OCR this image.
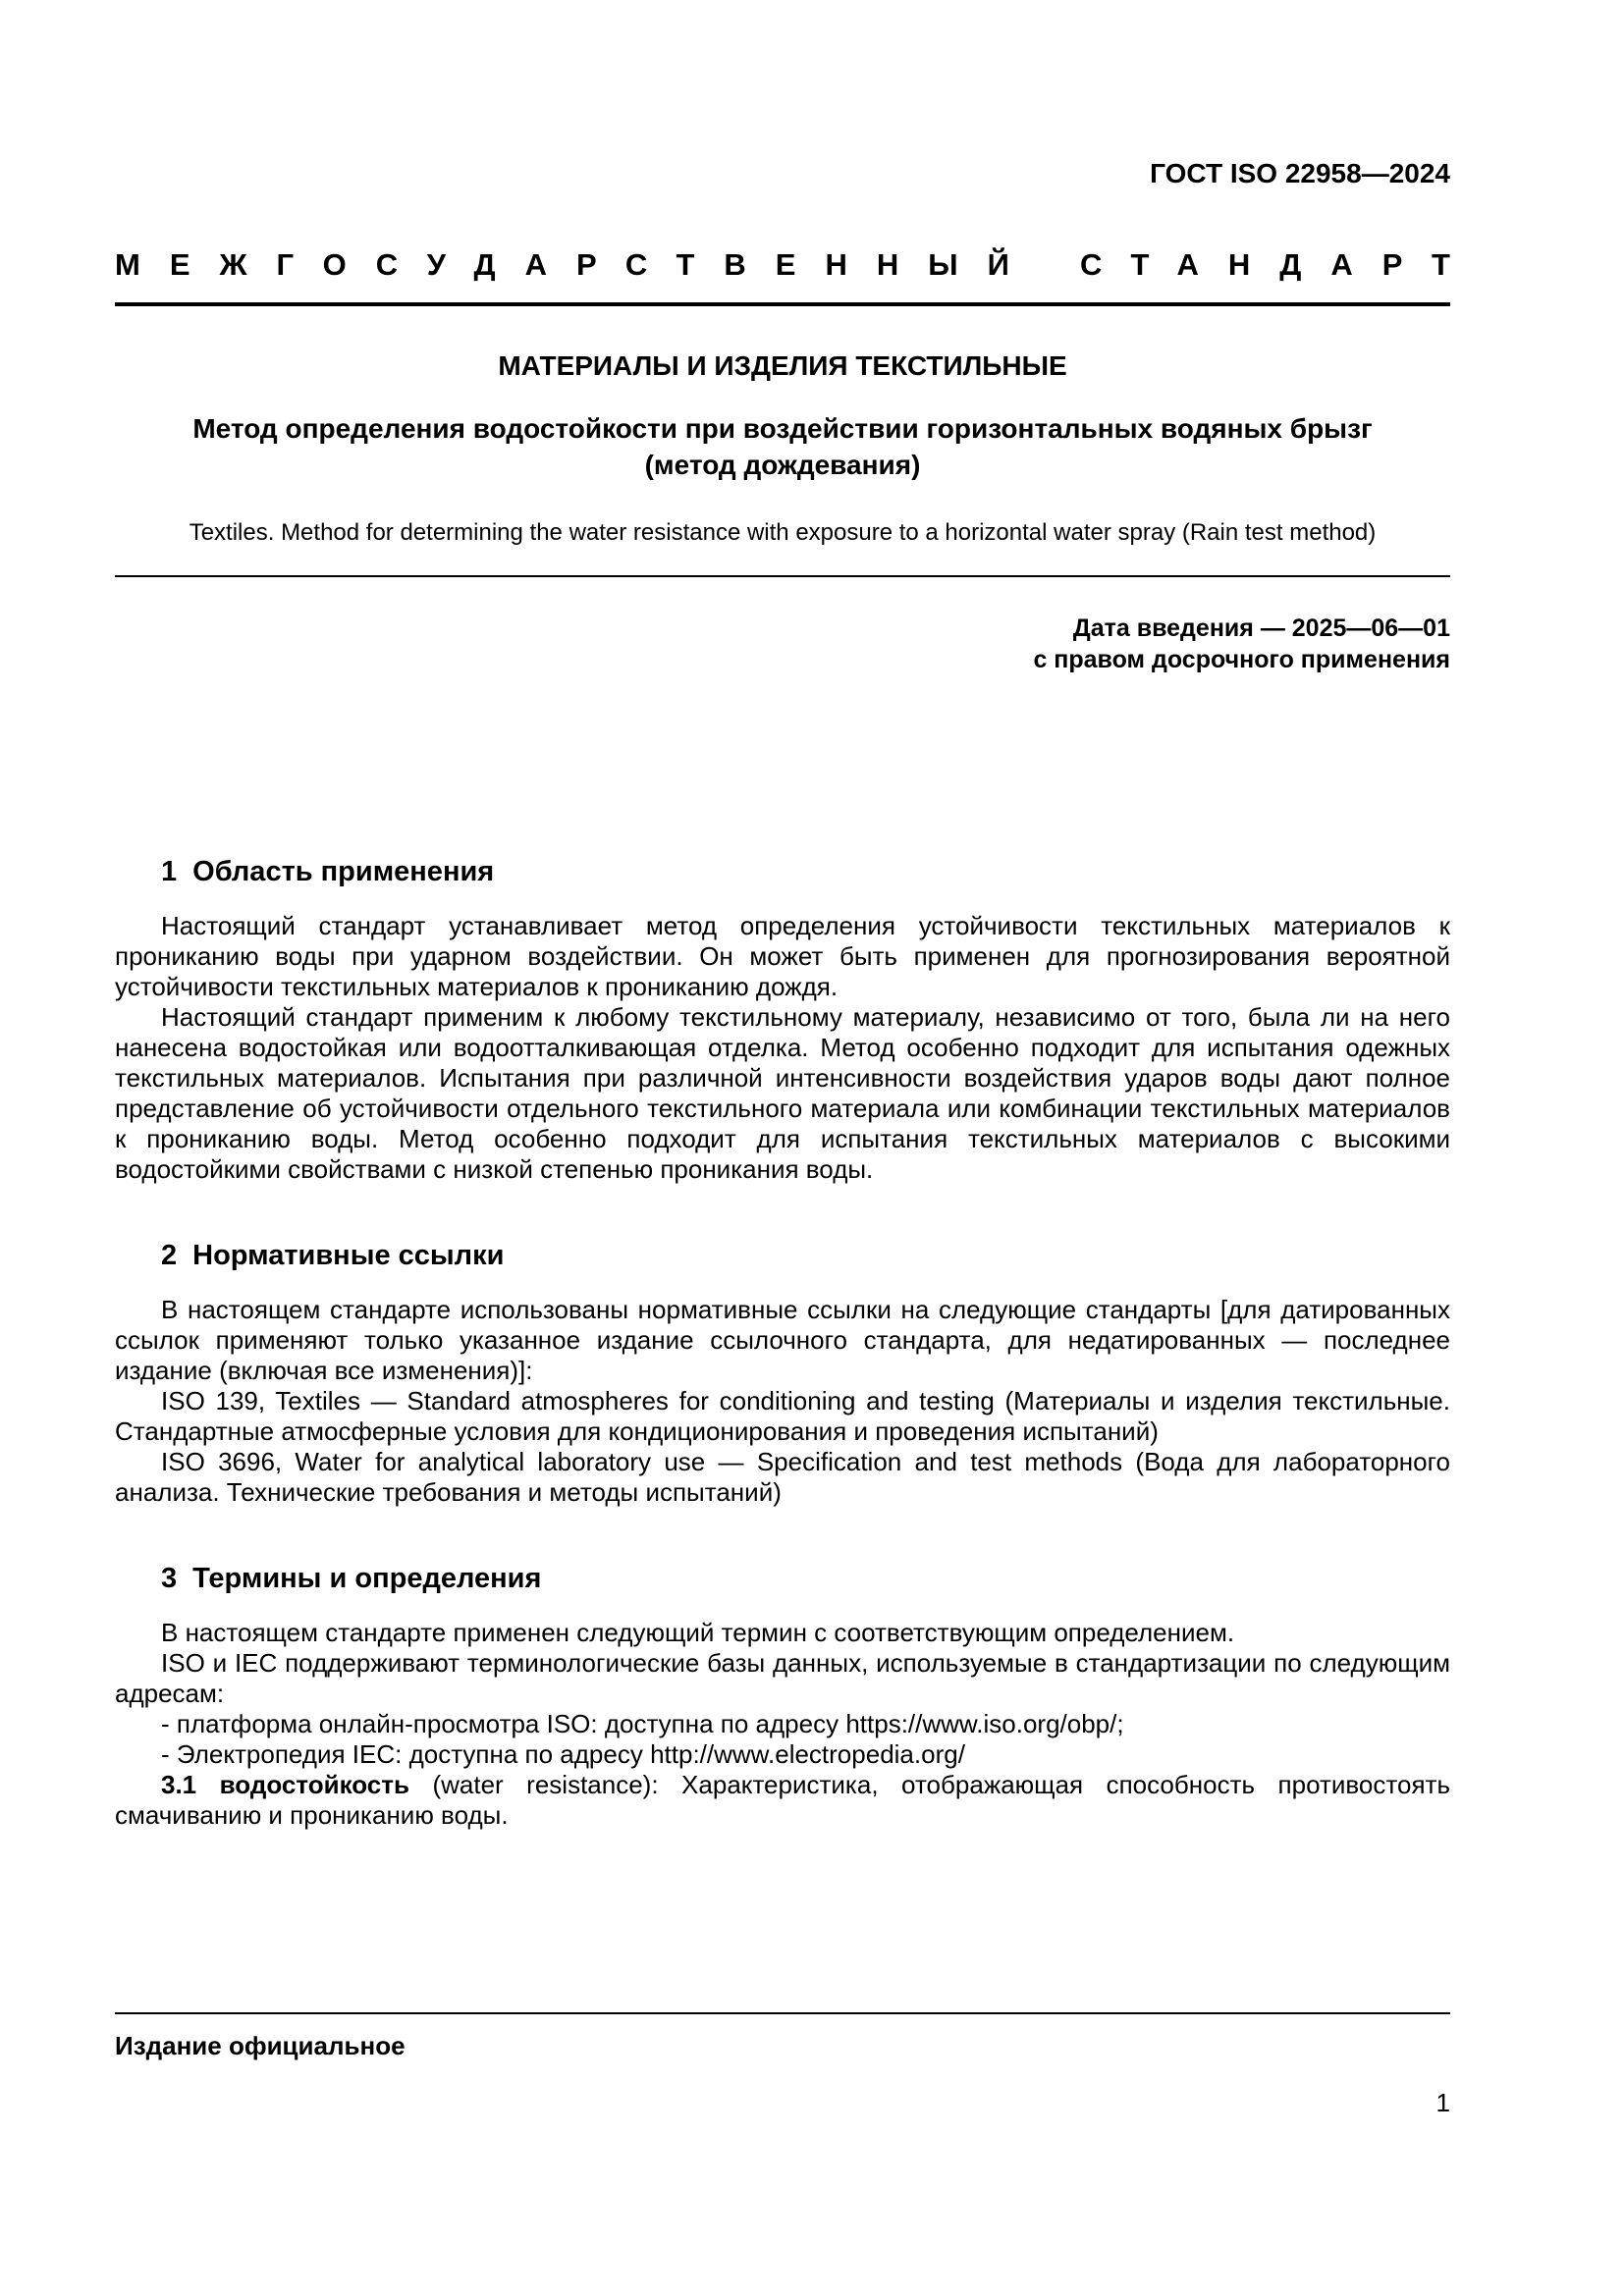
ГОСТ ISO 22958—2024
МЕЖГОСУДАРСТВЕННЫЙ СТАНДАРТ
МАТЕРИАЛЫ И ИЗДЕЛИЯ ТЕКСТИЛЬНЫЕ
Метод определения водостойкости при воздействии горизонтальных водяных брызг
(метод дождевания)
Textiles. Method for determining the water resistance with exposure to a horizontal water spray (Rain test method)
Дата введения — 2025—06—01
с правом досрочного применения
1 Область применения

Настоящий стандарт устанавливает метод определения устойчивости текстильных материалов к прониканию воды при ударном воздействии. Он может быть применен для прогнозирования вероятной устойчивости текстильных материалов к прониканию дождя.

Настоящий стандарт применим к любому текстильному материалу, независимо от того, была ли на него нанесена водостойкая или водоотталкивающая отделка. Метод особенно подходит для испытания одежных текстильных материалов. Испытания при различной интенсивности воздействия ударов воды дают полное представление об устойчивости отдельного текстильного материала или комбинации текстильных материалов к прониканию воды. Метод особенно подходит для испытания текстильных материалов с высокими водостойкими свойствами с низкой степенью проникания воды.

2 Нормативные ссылки

В настоящем стандарте использованы нормативные ссылки на следующие стандарты [для датированных ссылок применяют только указанное издание ссылочного стандарта, для недатированных — последнее издание (включая все изменения)]:

ISO 139, Textiles — Standard atmospheres for conditioning and testing (Материалы и изделия текстильные. Стандартные атмосферные условия для кондиционирования и проведения испытаний)

ISO 3696, Water for analytical laboratory use — Specification and test methods (Вода для лабораторного анализа. Технические требования и методы испытаний)

3 Термины и определения

В настоящем стандарте применен следующий термин с соответствующим определением.

ISO и IEC поддерживают терминологические базы данных, используемые в стандартизации по следующим адресам:

- платформа онлайн-просмотра ISO: доступна по адресу https://www.iso.org/obp/;

- Электропедия IEC: доступна по адресу http://www.electropedia.org/

3.1 водостойкость (water resistance): Характеристика, отображающая способность противостоять смачиванию и прониканию воды.

Издание официальное
1
